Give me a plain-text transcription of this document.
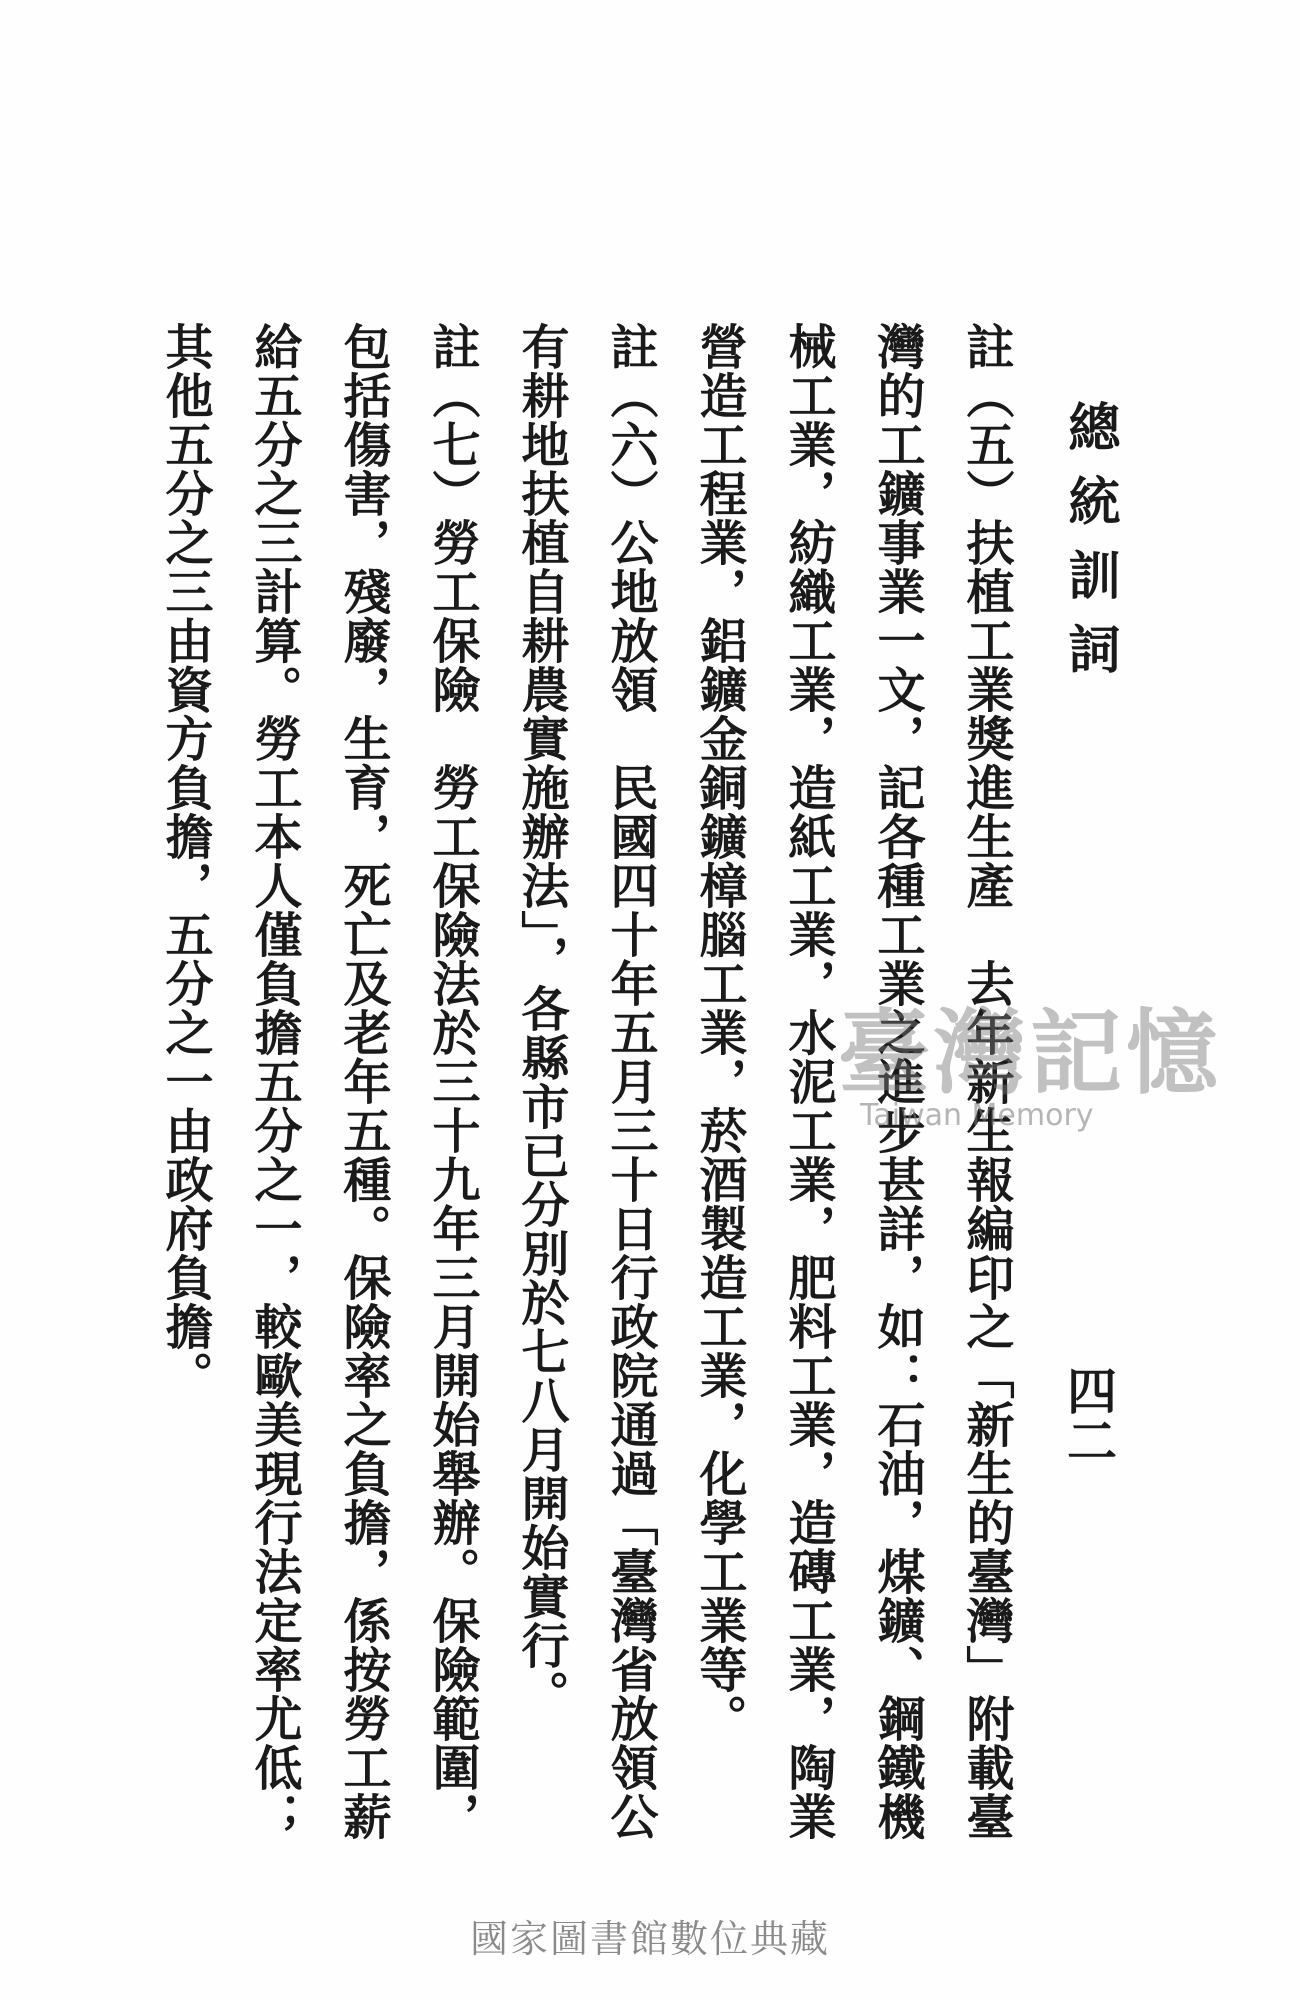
總統訓詞
四二
註（五）扶植工業獎進生產　去年新生報編印之「新生的臺灣」附載臺灣的工鑛事業一文，記各種工業之進步甚詳，如：石油，煤鑛、鋼鐵機械工業，紡織工業，造紙工業，水泥工業，肥料工業，造磚工業，陶業營造工程業，鋁鑛金銅鑛樟腦工業，菸酒製造工業，化學工業等。
註（六）公地放領　民國四十年五月三十日行政院通過「臺灣省放領公有耕地扶植自耕農實施辦法」，各縣市已分別於七八月開始實行。
註（七）勞工保險　勞工保險法於三十九年三月開始舉辦。保險範圍，包括傷害，殘廢，生育，死亡及老年五種。保險率之負擔，係按勞工薪給五分之三計算。勞工本人僅負擔五分之一，較歐美現行法定率尤低；其他五分之三由資方負擔，五分之一由政府負擔。	臺灣記憶
Taiwan Memory
國家圖書館數位典藏
